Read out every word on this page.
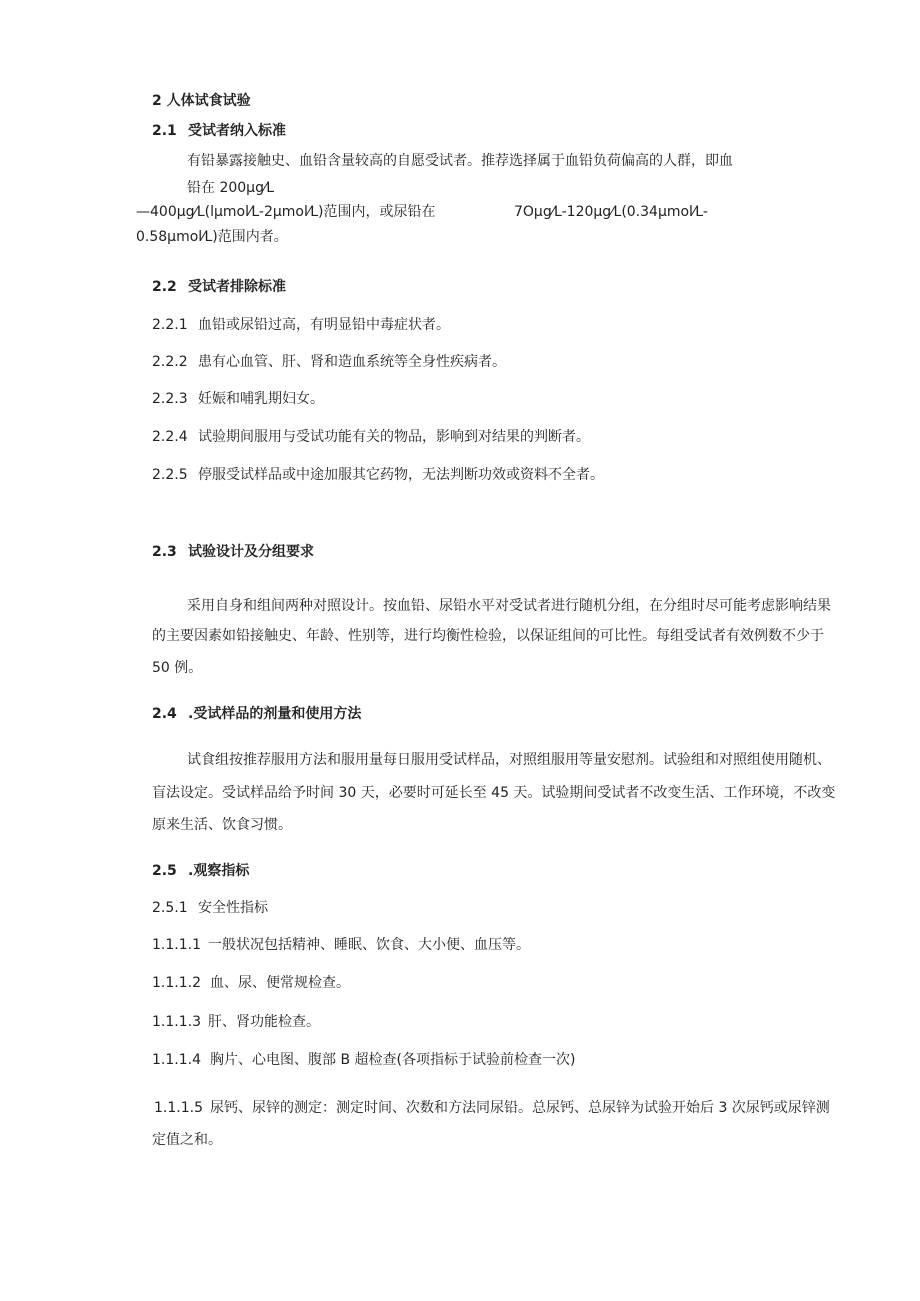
2 人体试食试验
2.1 受试者纳入标准
有铅暴露接触史、血铅含量较高的自愿受试者。推荐选择属于血铅负荷偏高的人群，即血
铅在 200μg⁄L
—400μg⁄L(lμmol⁄L-2μmol⁄L)范围内，或尿铅在	7Oμg⁄L-120μg⁄L(0.34μmol⁄L-
0.58μmol⁄L)范围内者。
2.2 受试者排除标准
2.2.1 血铅或尿铅过高，有明显铅中毒症状者。
2.2.2 患有心血管、肝、肾和造血系统等全身性疾病者。
2.2.3 妊娠和哺乳期妇女。
2.2.4 试验期间服用与受试功能有关的物品，影响到对结果的判断者。
2.2.5 停服受试样品或中途加服其它药物，无法判断功效或资料不全者。
2.3 试验设计及分组要求
采用自身和组间两种对照设计。按血铅、尿铅水平对受试者进行随机分组，在分组时尽可能考虑影响结果
的主要因素如铅接触史、年龄、性别等，进行均衡性检验，以保证组间的可比性。每组受试者有效例数不少于
50 例。
2.4 .受试样品的剂量和使用方法
试食组按推荐服用方法和服用量每日服用受试样品，对照组服用等量安慰剂。试验组和对照组使用随机、
盲法设定。受试样品给予时间 30 天，必要时可延长至 45 天。试验期间受试者不改变生活、工作环境，不改变
原来生活、饮食习惯。
2.5 .观察指标
2.5.1 安全性指标
1.1.1.1 一般状况包括精神、睡眠、饮食、大小便、血压等。
1.1.1.2 血、尿、便常规检查。
1.1.1.3 肝、肾功能检查。
1.1.1.4 胸片、心电图、腹部 B 超检查(各项指标于试验前检查一次)
1.1.1.5 尿钙、尿锌的测定：测定时间、次数和方法同尿铅。总尿钙、总尿锌为试验开始后 3 次尿钙或尿锌测
定值之和。
